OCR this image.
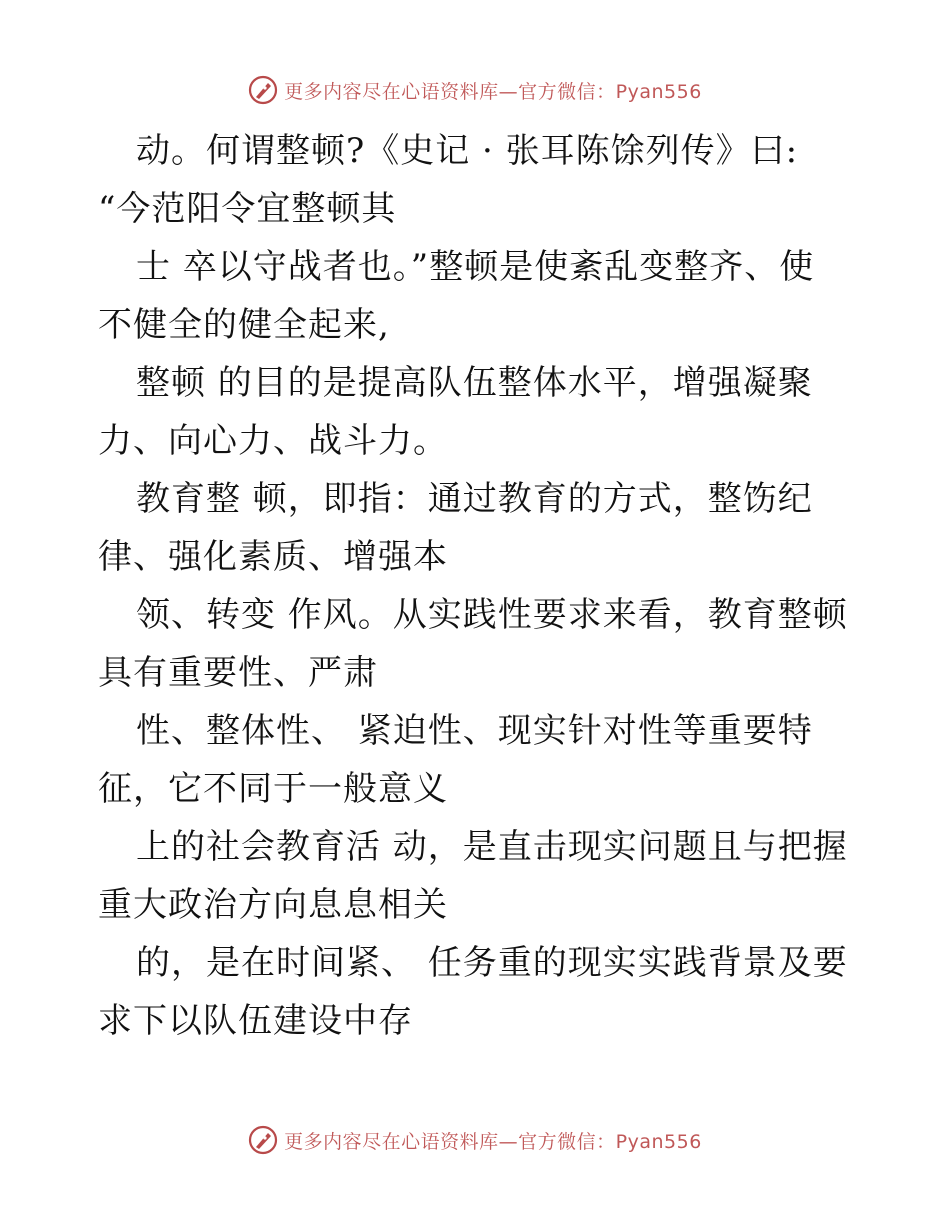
更多内容尽在心语资料库—官方微信：Pyan556
动。何谓整顿?《史记 · 张耳陈馀列传》曰:
“今范阳令宜整顿其
士 卒以守战者也。”整顿是使紊乱变整齐、使
不健全的健全起来,
整顿 的目的是提高队伍整体水平，增强凝聚
力、向心力、战斗力。
教育整 顿，即指：通过教育的方式，整饬纪
律、强化素质、增强本
领、转变 作风。从实践性要求来看，教育整顿
具有重要性、严肃
性、整体性、 紧迫性、现实针对性等重要特
征，它不同于一般意义
上的社会教育活 动，是直击现实问题且与把握
重大政治方向息息相关
的，是在时间紧、 任务重的现实实践背景及要
求下以队伍建设中存
更多内容尽在心语资料库—官方微信：Pyan556
